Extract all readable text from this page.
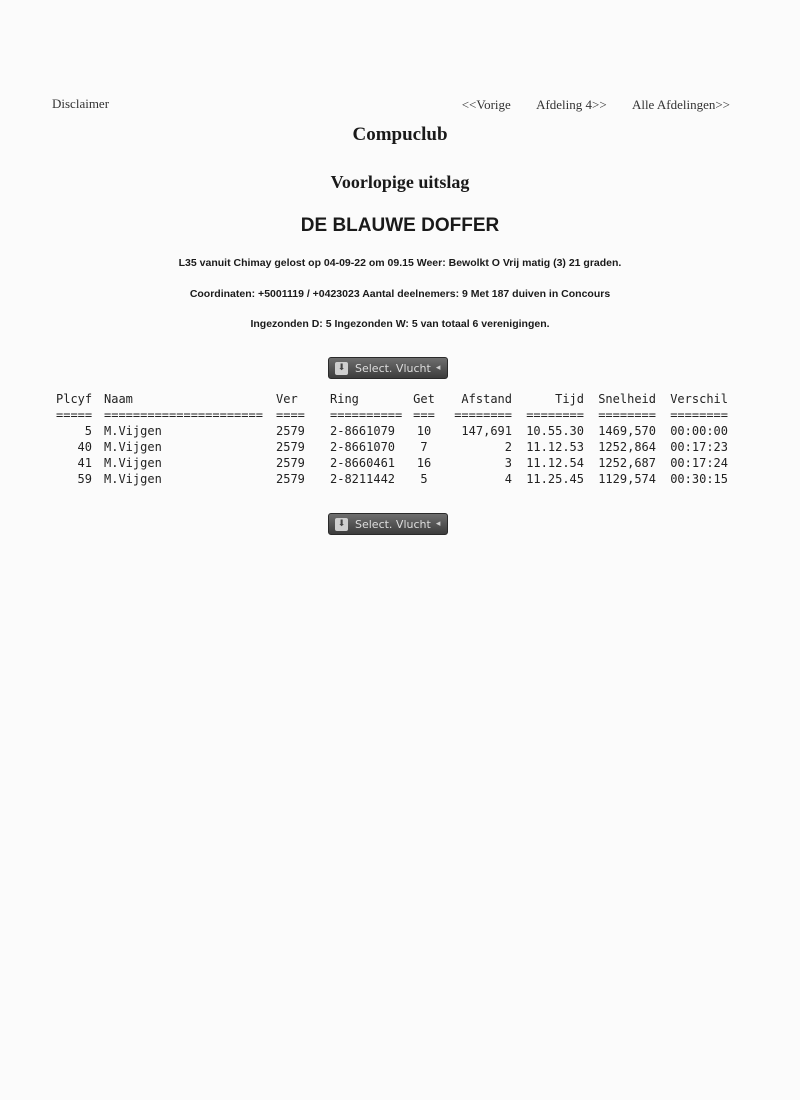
Disclaimer	<<Vorige Afdeling 4>> Alle Afdelingen>>
Compuclub
Voorlopige uitslag
DE BLAUWE DOFFER
L35 vanuit Chimay gelost op 04-09-22 om 09.15 Weer: Bewolkt O Vrij matig (3) 21 graden.
Coordinaten: +5001119 / +0423023 Aantal deelnemers: 9 Met 187 duiven in Concours
Ingezonden D: 5 Ingezonden W: 5 van totaal 6 verenigingen.
⬇ Select. Vlucht ◂
Plcyf Naam	Ver	Ring	Get	Afstand	Tijd	Snelheid	Verschil
===== ======================	====	========== ===	========	========	========	========
5 M.Vijgen	2579	2-8661079	10	147,691	10.55.30	1469,570	00:00:00
40 M.Vijgen	2579	2-8661070	7	2	11.12.53	1252,864	00:17:23
41 M.Vijgen	2579	2-8660461	16	3	11.12.54	1252,687	00:17:24
59 M.Vijgen	2579	2-8211442	5	4	11.25.45	1129,574	00:30:15
⬇ Select. Vlucht ◂
